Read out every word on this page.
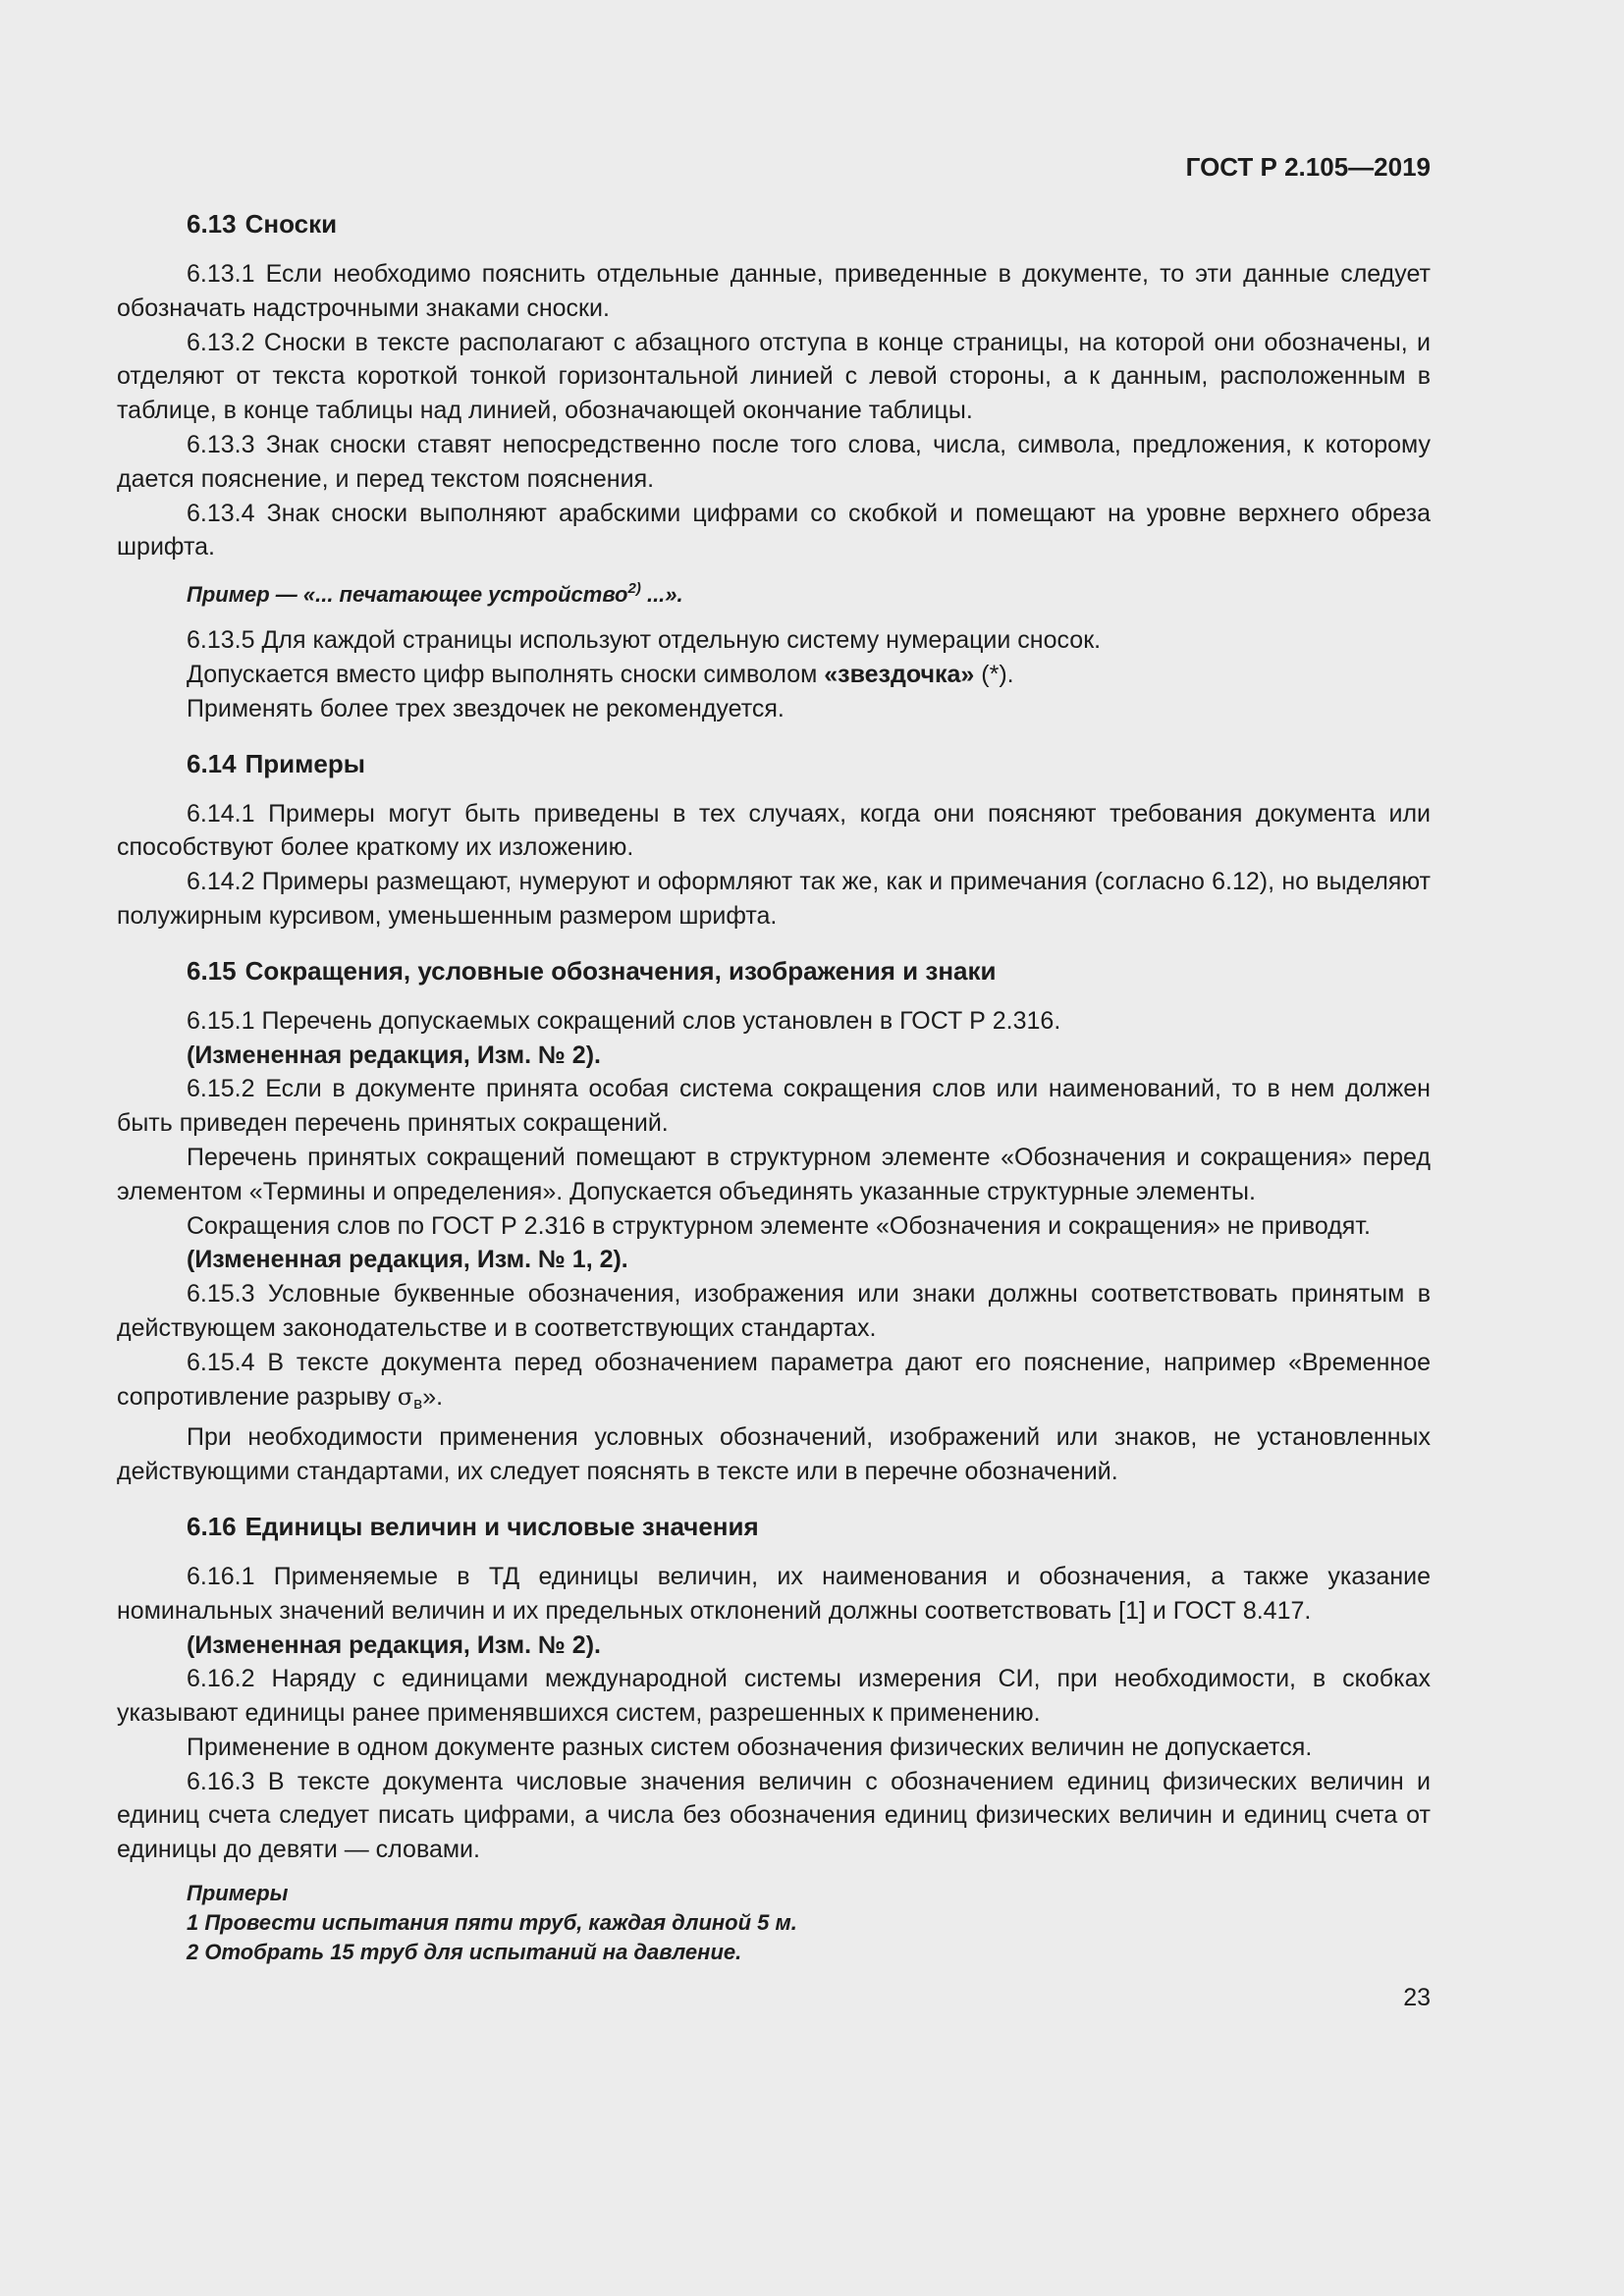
ГОСТ Р 2.105—2019
6.13 Сноски

6.13.1 Если необходимо пояснить отдельные данные, приведенные в документе, то эти данные следует обозначать надстрочными знаками сноски.

6.13.2 Сноски в тексте располагают с абзацного отступа в конце страницы, на которой они обозначены, и отделяют от текста короткой тонкой горизонтальной линией с левой стороны, а к данным, расположенным в таблице, в конце таблицы над линией, обозначающей окончание таблицы.

6.13.3 Знак сноски ставят непосредственно после того слова, числа, символа, предложения, к которому дается пояснение, и перед текстом пояснения.

6.13.4 Знак сноски выполняют арабскими цифрами со скобкой и помещают на уровне верхнего обреза шрифта.

Пример — «... печатающее устройство$^{2)}$ ...».

6.13.5 Для каждой страницы используют отдельную систему нумерации сносок.

Допускается вместо цифр выполнять сноски символом «звездочка» (*).

Применять более трех звездочек не рекомендуется.

6.14 Примеры

6.14.1 Примеры могут быть приведены в тех случаях, когда они поясняют требования документа или способствуют более краткому их изложению.

6.14.2 Примеры размещают, нумеруют и оформляют так же, как и примечания (согласно 6.12), но выделяют полужирным курсивом, уменьшенным размером шрифта.

6.15 Сокращения, условные обозначения, изображения и знаки

6.15.1 Перечень допускаемых сокращений слов установлен в ГОСТ Р 2.316.

(Измененная редакция, Изм. № 2).

6.15.2 Если в документе принята особая система сокращения слов или наименований, то в нем должен быть приведен перечень принятых сокращений.

Перечень принятых сокращений помещают в структурном элементе «Обозначения и сокращения» перед элементом «Термины и определения». Допускается объединять указанные структурные элементы.

Сокращения слов по ГОСТ Р 2.316 в структурном элементе «Обозначения и сокращения» не приводят.

(Измененная редакция, Изм. № 1, 2).

6.15.3 Условные буквенные обозначения, изображения или знаки должны соответствовать принятым в действующем законодательстве и в соответствующих стандартах.

6.15.4 В тексте документа перед обозначением параметра дают его пояснение, например «Временное сопротивление разрыву $\sigma_в$».

При необходимости применения условных обозначений, изображений или знаков, не установленных действующими стандартами, их следует пояснять в тексте или в перечне обозначений.

6.16 Единицы величин и числовые значения

6.16.1 Применяемые в ТД единицы величин, их наименования и обозначения, а также указание номинальных значений величин и их предельных отклонений должны соответствовать [1] и ГОСТ 8.417.

(Измененная редакция, Изм. № 2).

6.16.2 Наряду с единицами международной системы измерения СИ, при необходимости, в скобках указывают единицы ранее применявшихся систем, разрешенных к применению.

Применение в одном документе разных систем обозначения физических величин не допускается.

6.16.3 В тексте документа числовые значения величин с обозначением единиц физических величин и единиц счета следует писать цифрами, а числа без обозначения единиц физических величин и единиц счета от единицы до девяти — словами.

Примеры

1 Провести испытания пяти труб, каждая длиной 5 м.

2 Отобрать 15 труб для испытаний на давление.

23
